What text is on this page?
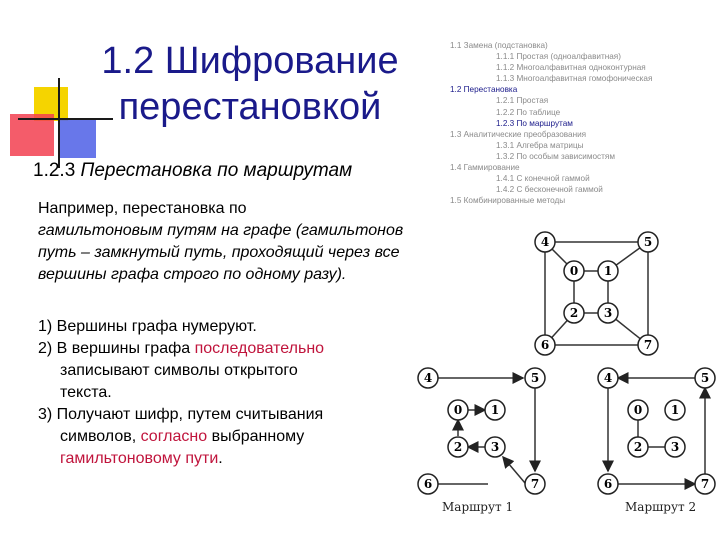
1.2 Шифрование
перестановкой
1.2.3 Перестановка по маршрутам
Например, перестановка по
гамильтоновым путям на графе (гамильтонов
путь – замкнутый путь, проходящий через все
вершины графа строго по одному разу).
1) Вершины графа нумеруют.
2) В вершины графа последовательно
записывают символы открытого
текста.
3) Получают шифр, путем считывания
символов, согласно выбранному
гамильтоновому пути.
1.1 Замена (подстановка)
1.1.1 Простая (одноалфавитная)
1.1.2 Многоалфавитная одноконтурная
1.1.3 Многоалфавитная гомофоническая
1.2 Перестановка
1.2.1 Простая
1.2.2 По таблице
1.2.3 По маршрутам
1.3 Аналитические преобразования
1.3.1 Алгебра матрицы
1.3.2 По особым зависимостям
1.4 Гаммирование
1.4.1 С конечной гаммой
1.4.2 С бесконечной гаммой
1.5 Комбинированные методы
4	5
0 1
2 3
6	7
4	5
0 1
2 3
6	7
Маршрут 1
4	5
0 1
2 3
6	7
Маршрут 2
